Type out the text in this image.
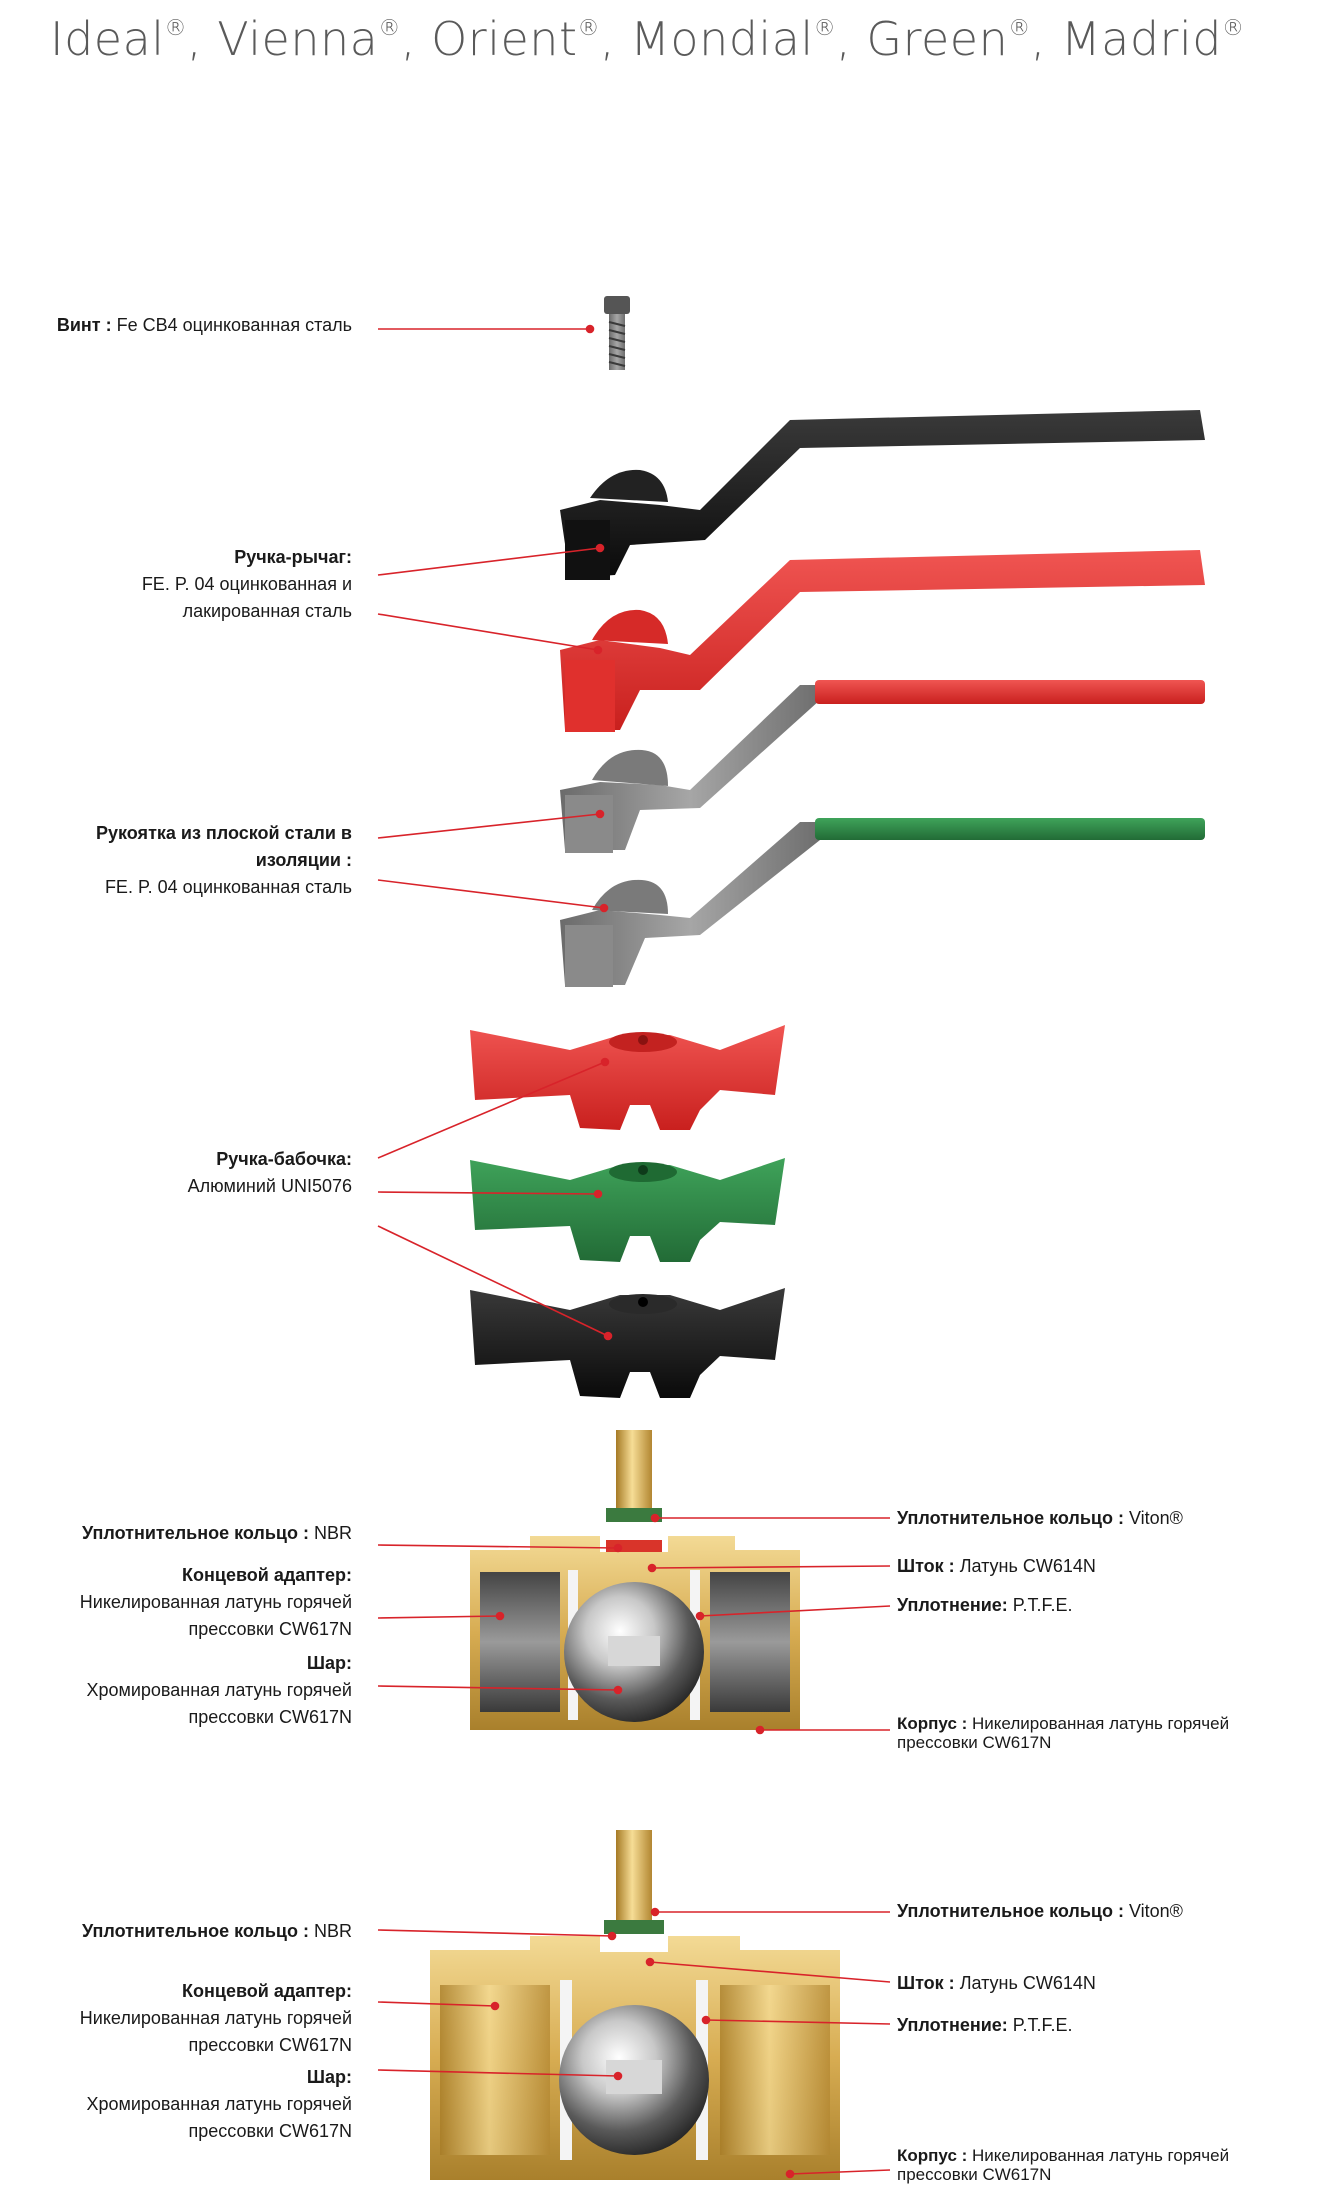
Ideal®, Vienna®, Orient®, Mondial®, Green®, Madrid®
Винт : Fe CB4 оцинкованная сталь
Ручка-рычаг:
FE. P. 04 оцинкованная и
лакированная сталь
Рукоятка из плоской стали в
изоляции :
FE. P. 04 оцинкованная сталь
Ручка-бабочка:
Алюминий UNI5076
Уплотнительное кольцо : NBR
Концевой адаптер:
Никелированная латунь горячей
прессовки CW617N
Шар:
Хромированная латунь горячей
прессовки CW617N
Уплотнительное кольцо : Viton®
Шток : Латунь CW614N
Уплотнение: P.T.F.E.
Корпус : Никелированная латунь горячей
прессовки CW617N
Уплотнительное кольцо : NBR
Концевой адаптер:
Никелированная латунь горячей
прессовки CW617N
Шар:
Хромированная латунь горячей
прессовки CW617N
Уплотнительное кольцо : Viton®
Шток : Латунь CW614N
Уплотнение: P.T.F.E.
Корпус : Никелированная латунь горячей
прессовки CW617N
